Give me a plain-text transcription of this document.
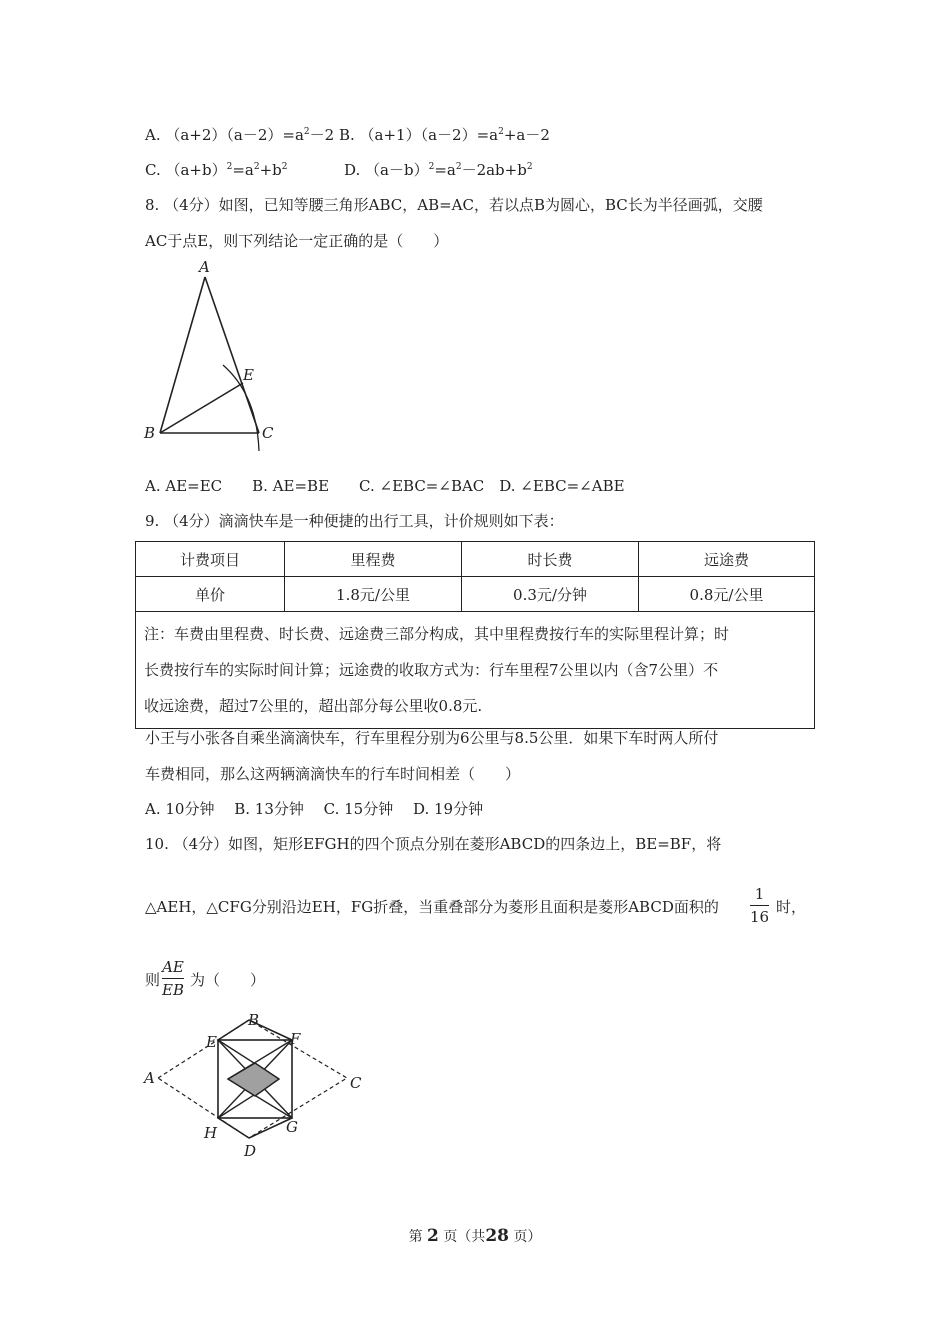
A. $(a+2)(a-2)=a^2-2$ B. $(a+1)(a-2)=a^2+a-2$
C. $(a+b)^2=a^2+b^2$	D. $(a-b)^2=a^2-2ab+b^2$
8. （4分）如图，已知等腰三角形ABC，AB=AC，若以点B为圆心，BC长为半径画弧，交腰
AC于点E，则下列结论一定正确的是（　　）
A
B	C
E
A. AE=EC　　B. AE=BE　　C. ∠EBC=∠BAC　D. ∠EBC=∠ABE
9. （4分）滴滴快车是一种便捷的出行工具，计价规则如下表：
计费项目	里程费	时长费	远途费
单价	1.8元/公里	0.3元/分钟	0.8元/公里

注：车费由里程费、时长费、远途费三部分构成，其中里程费按行车的实际里程计算；时
长费按行车的实际时间计算；远途费的收取方式为：行车里程7公里以内（含7公里）不
收远途费，超过7公里的，超出部分每公里收0.8元.			
小王与小张各自乘坐滴滴快车，行车里程分别为6公里与8.5公里．如果下车时两人所付
车费相同，那么这两辆滴滴快车的行车时间相差（　　）
A. 10分钟　 B. 13分钟　 C. 15分钟　 D. 19分钟
10. （4分）如图，矩形EFGH的四个顶点分别在菱形ABCD的四条边上，BE=BF，将
△AEH，△CFG分别沿边EH，FG折叠，当重叠部分为菱形且面积是菱形ABCD面积的
1
16
时，
则
AE
EB
为（　　）
A
B
C
D
E	F
G
H
第 2 页（共28 页）
